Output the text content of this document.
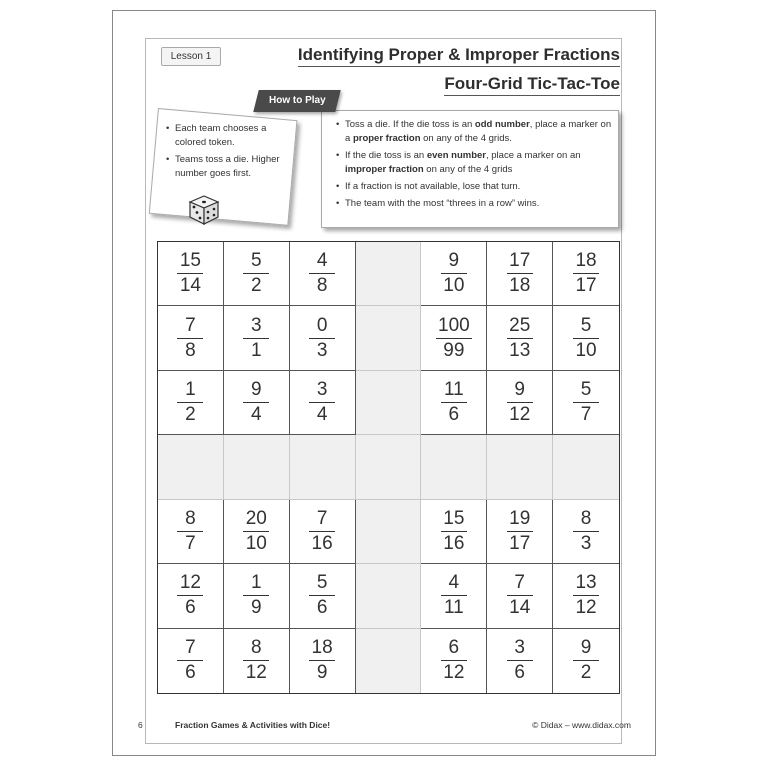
Lesson 1	Identifying Proper & Improper Fractions
Four-Grid Tic-Tac-Toe
How to Play
• Each team chooses a colored token.
• Teams toss a die. Higher number goes first.
• Toss a die. If the die toss is an odd number, place a marker on a proper fraction on any of the 4 grids.
• If the die toss is an even number, place a marker on an improper fraction on any of the 4 grids
• If a fraction is not available, lose that turn.
• The team with the most “threes in a row” wins.
$\frac{15}{14} \frac{5}{2} \frac{4}{8}$	$\frac{9}{10} \frac{17}{18} \frac{18}{17}$
$\frac{7}{8} \frac{3}{1} \frac{0}{3}$	$\frac{100}{99} \frac{25}{13} \frac{5}{10}$
$\frac{1}{2} \frac{9}{4} \frac{3}{4}$	$\frac{11}{6} \frac{9}{12} \frac{5}{7}$
$\frac{8}{7} \frac{20}{10} \frac{7}{16}$	$\frac{15}{16} \frac{19}{17} \frac{8}{3}$
$\frac{12}{6} \frac{1}{9} \frac{5}{6}$	$\frac{4}{11} \frac{7}{14} \frac{13}{12}$
$\frac{7}{6} \frac{8}{12} \frac{18}{9}$	$\frac{6}{12} \frac{3}{6} \frac{9}{2}$
6	Fraction Games & Activities with Dice!	© Didax – www.didax.com
